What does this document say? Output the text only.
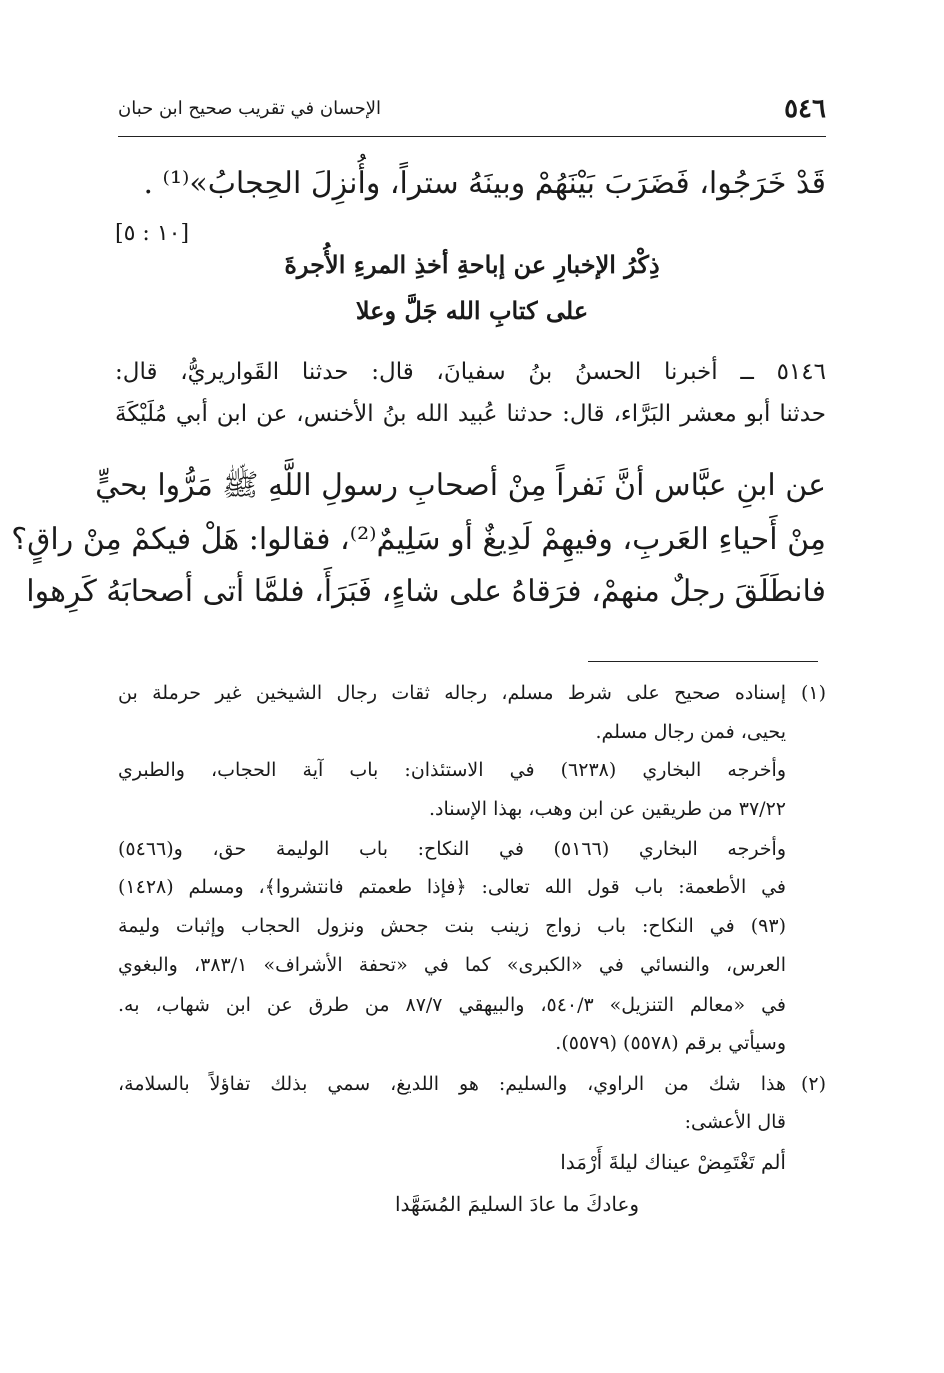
٥٤٦
الإحسان في تقريب صحيح ابن حبان
قَدْ خَرَجُوا، فَضَرَبَ بَيْنَهُمْ وبينَهُ ستراً، وأُنزِلَ الحِجابُ»⁽¹⁾ .
[١٠ : ٥]
ذِكْرُ الإخبارِ عن إباحةِ أخذِ المرءِ الأُجرةَ
على كتابِ الله جَلَّ وعلا
٥١٤٦ ــ أخبرنا الحسنُ بنُ سفيانَ، قال: حدثنا القَواريريُّ، قال:
حدثنا أبو معشر البَرَّاء، قال: حدثنا عُبيد الله بنُ الأخنس، عن ابن أبي مُلَيْكَةَ
عن ابنِ عبَّاس أنَّ نَفراً مِنْ أصحابِ رسولِ اللَّهِ ﷺ مَرُّوا بحيٍّ
مِنْ أَحياءِ العَربِ، وفيهِمْ لَدِيغٌ أو سَلِيمٌ⁽²⁾، فقالوا: هَلْ فيكمْ مِنْ راقٍ؟
فانطَلَقَ رجلٌ منهمْ، فرَقاهُ على شاءٍ، فَبَرَأَ، فلمَّا أتى أصحابَهُ كَرِهوا
(١)
إسناده صحيح على شرط مسلم، رجاله ثقات رجال الشيخين غير حرملة بن
يحيى، فمن رجال مسلم.
وأخرجه البخاري (٦٢٣٨) في الاستئذان: باب آية الحجاب، والطبري
٣٧/٢٢ من طريقين عن ابن وهب، بهذا الإسناد.
وأخرجه البخاري (٥١٦٦) في النكاح: باب الوليمة حق، و(٥٤٦٦)
في الأطعمة: باب قول الله تعالى: ﴿فإذا طعمتم فانتشروا﴾، ومسلم (١٤٢٨)
(٩٣) في النكاح: باب زواج زينب بنت جحش ونزول الحجاب وإثبات وليمة
العرس، والنسائي في «الكبرى» كما في «تحفة الأشراف» ٣٨٣/١، والبغوي
في «معالم التنزيل» ٥٤٠/٣، والبيهقي ٨٧/٧ من طرق عن ابن شهاب، به.
وسيأتي برقم (٥٥٧٨) (٥٥٧٩).
(٢)
هذا شك من الراوي، والسليم: هو اللديغ، سمي بذلك تفاؤلاً بالسلامة،
قال الأعشى:
ألم تَغْتَمِضْ عيناك ليلةَ أَرْمَدا
وعادكَ ما عادَ السليمَ المُسَهَّدا
